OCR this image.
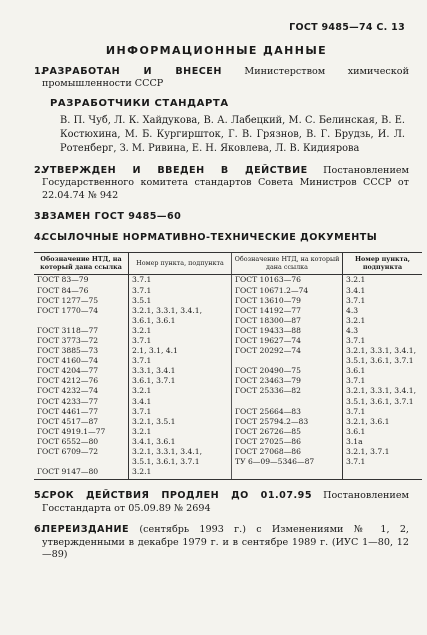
ГОСТ 9485—74 С. 13
ИНФОРМАЦИОННЫЕ ДАННЫЕ
1.
РАЗРАБОТАН И ВНЕСЕН Министерством химической промышленности СССР
РАЗРАБОТЧИКИ СТАНДАРТА
В. П. Чуб, Л. К. Хайдукова, В. А. Лабецкий, М. С. Белинская, В. Е. Костюхина, М. Б. Кургиршток, Г. В. Грязнов, В. Г. Брудзь, И. Л. Ротенберг, З. М. Ривина, Е. Н. Яковлева, Л. В. Кидиярова
2.
УТВЕРЖДЕН И ВВЕДЕН В ДЕЙСТВИЕ Постановлением Государственного комитета стандартов Совета Министров СССР от 22.04.74 № 942
3.
ВЗАМЕН ГОСТ 9485—60
4.
ССЫЛОЧНЫЕ НОРМАТИВНО-ТЕХНИЧЕСКИЕ ДОКУМЕНТЫ
Обозначение НТД, на который дана ссылка	Номер пункта, подпункта	Обозначение НТД, на который дана ссылка	Номер пункта, подпункта
ГОСТ 83—79	3.7.1	ГОСТ 10163—76	3.2.1
ГОСТ 84—76	3.7.1	ГОСТ 10671.2—74	3.4.1
ГОСТ 1277—75	3.5.1	ГОСТ 13610—79	3.7.1
ГОСТ 1770—74	3.2.1, 3.3.1, 3.4.1,	ГОСТ 14192—77	4.3
	3.6.1, 3.6.1	ГОСТ 18300—87	3.2.1
ГОСТ 3118—77	3.2.1	ГОСТ 19433—88	4.3
ГОСТ 3773—72	3.7.1	ГОСТ 19627—74	3.7.1
ГОСТ 3885—73	2.1, 3.1, 4.1	ГОСТ 20292—74	3.2.1, 3.3.1, 3.4.1,
ГОСТ 4160—74	3.7.1		3.5.1, 3.6.1, 3.7.1
ГОСТ 4204—77	3.3.1, 3.4.1	ГОСТ 20490—75	3.6.1
ГОСТ 4212—76	3.6.1, 3.7.1	ГОСТ 23463—79	3.7.1
ГОСТ 4232—74	3.2.1	ГОСТ 25336—82	3.2.1, 3.3.1, 3.4.1,
ГОСТ 4233—77	3.4.1		3.5.1, 3.6.1, 3.7.1
ГОСТ 4461—77	3.7.1	ГОСТ 25664—83	3.7.1
ГОСТ 4517—87	3.2.1, 3.5.1	ГОСТ 25794.2—83	3.2.1, 3.6.1
ГОСТ 4919.1—77	3.2.1	ГОСТ 26726—85	3.6.1
ГОСТ 6552—80	3.4.1, 3.6.1	ГОСТ 27025—86	3.1а
ГОСТ 6709—72	3.2.1, 3.3.1, 3.4.1,	ГОСТ 27068—86	3.2.1, 3.7.1
	3.5.1, 3.6.1, 3.7.1	ТУ 6—09—5346—87	3.7.1
ГОСТ 9147—80	3.2.1		
5.
СРОК ДЕЙСТВИЯ ПРОДЛЕН ДО 01.07.95 Постановлением Госстандарта от 05.09.89 № 2694
6.
ПЕРЕИЗДАНИЕ (сентябрь 1993 г.) с Изменениями № 1, 2, утвержденными в декабре 1979 г. и в сентябре 1989 г. (ИУС 1—80, 12—89)
